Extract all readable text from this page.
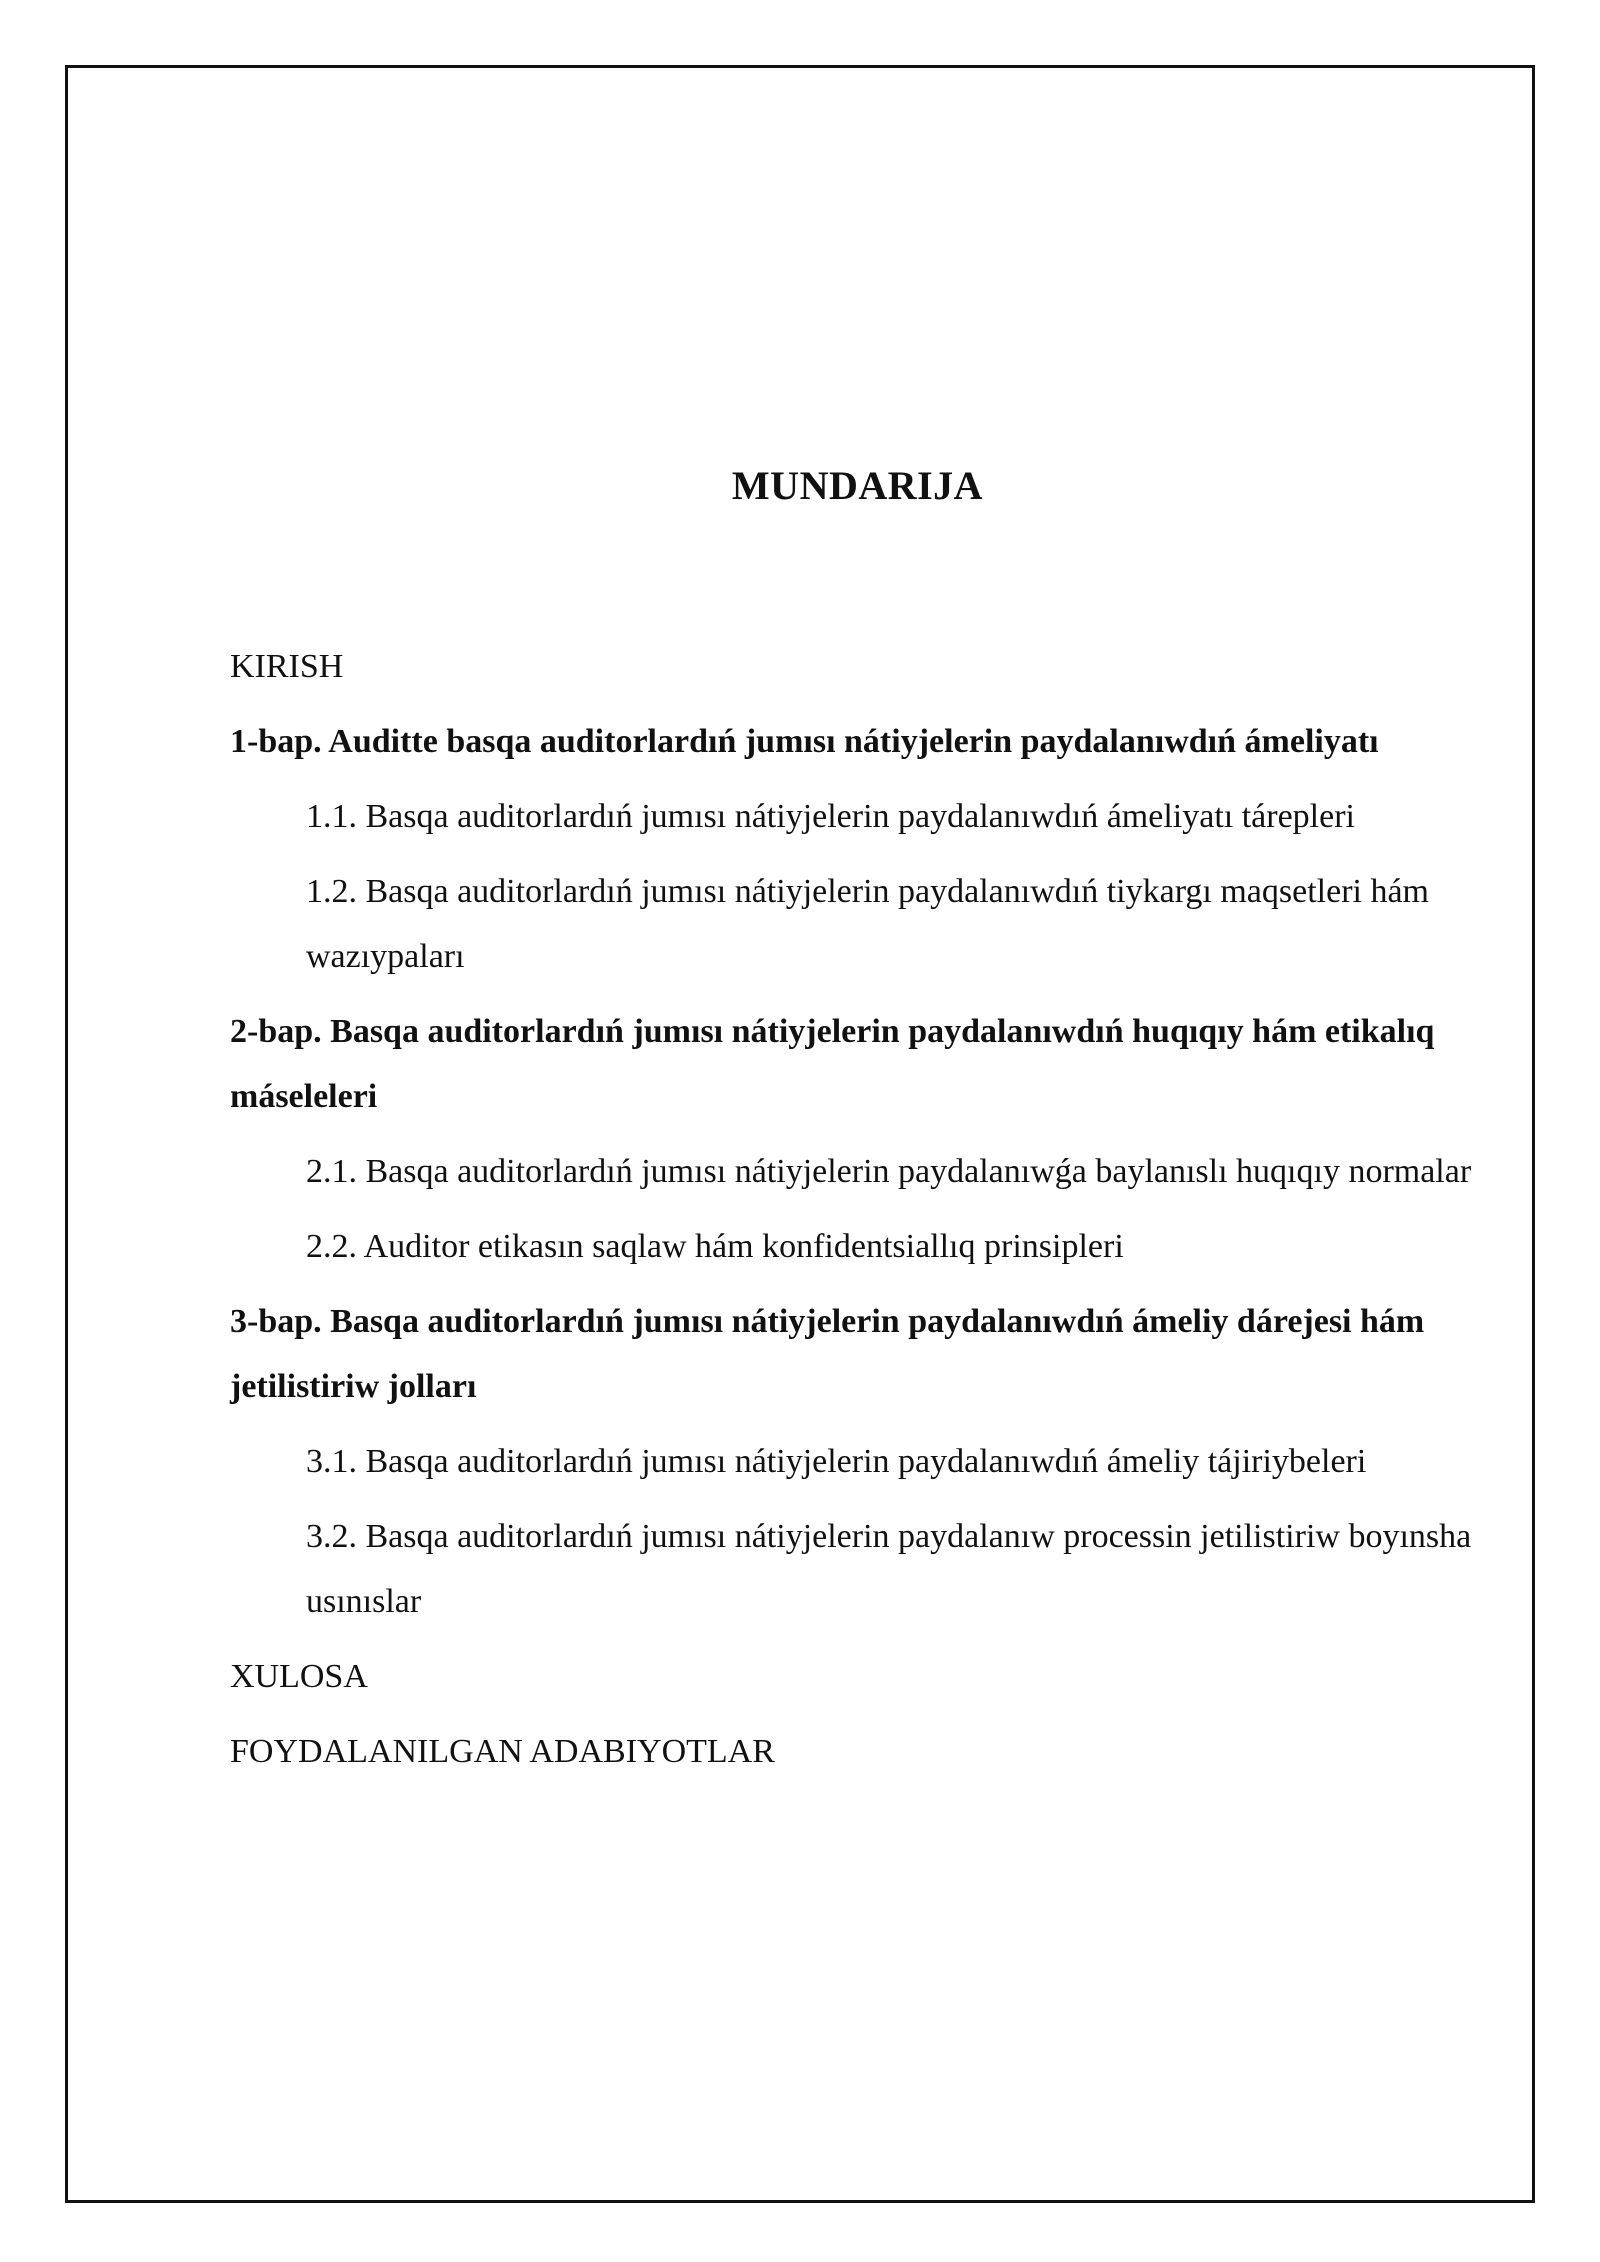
MUNDARIJA

KIRISH

1-bap. Auditte basqa auditorlardıń jumısı nátiyjelerin paydalanıwdıń ámeliyatı

1.1. Basqa auditorlardıń jumısı nátiyjelerin paydalanıwdıń ámeliyatı tárepleri

1.2. Basqa auditorlardıń jumısı nátiyjelerin paydalanıwdıń tiykargı maqsetleri hám wazıypaları

2-bap. Basqa auditorlardıń jumısı nátiyjelerin paydalanıwdıń huqıqıy hám etikalıq máseleleri

2.1. Basqa auditorlardıń jumısı nátiyjelerin paydalanıwǵa baylanıslı huqıqıy normalar

2.2. Auditor etikasın saqlaw hám konfidentsiallıq prinsipleri

3-bap. Basqa auditorlardıń jumısı nátiyjelerin paydalanıwdıń ámeliy dárejesi hám jetilistiriw jolları

3.1. Basqa auditorlardıń jumısı nátiyjelerin paydalanıwdıń ámeliy tájiriybeleri

3.2. Basqa auditorlardıń jumısı nátiyjelerin paydalanıw processin jetilistiriw boyınsha usınıslar

XULOSA

FOYDALANILGAN ADABIYOTLAR
